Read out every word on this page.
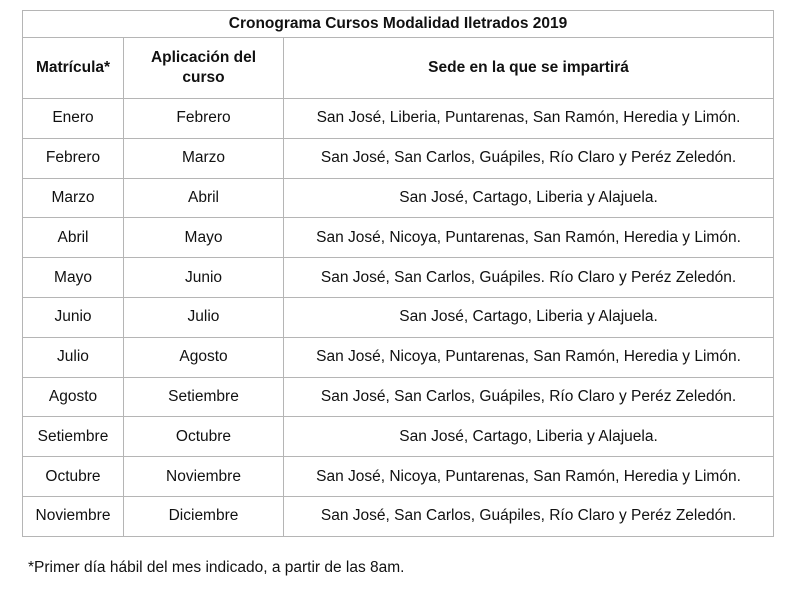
Cronograma Cursos Modalidad Iletrados 2019		
Matrícula*	Aplicación del curso	Sede en la que se impartirá
Enero	Febrero	San José, Liberia, Puntarenas, San Ramón, Heredia y Limón.
Febrero	Marzo	San José, San Carlos, Guápiles, Río Claro y Peréz Zeledón.
Marzo	Abril	San José, Cartago, Liberia y Alajuela.
Abril	Mayo	San José, Nicoya, Puntarenas, San Ramón, Heredia y Limón.
Mayo	Junio	San José, San Carlos, Guápiles. Río Claro y Peréz Zeledón.
Junio	Julio	San José, Cartago, Liberia y Alajuela.
Julio	Agosto	San José, Nicoya, Puntarenas, San Ramón, Heredia y Limón.
Agosto	Setiembre	San José, San Carlos, Guápiles, Río Claro y Peréz Zeledón.
Setiembre	Octubre	San José, Cartago, Liberia y Alajuela.
Octubre	Noviembre	San José, Nicoya, Puntarenas, San Ramón, Heredia y Limón.
Noviembre	Diciembre	San José, San Carlos, Guápiles, Río Claro y Peréz Zeledón.
*Primer día hábil del mes indicado, a partir de las 8am.
